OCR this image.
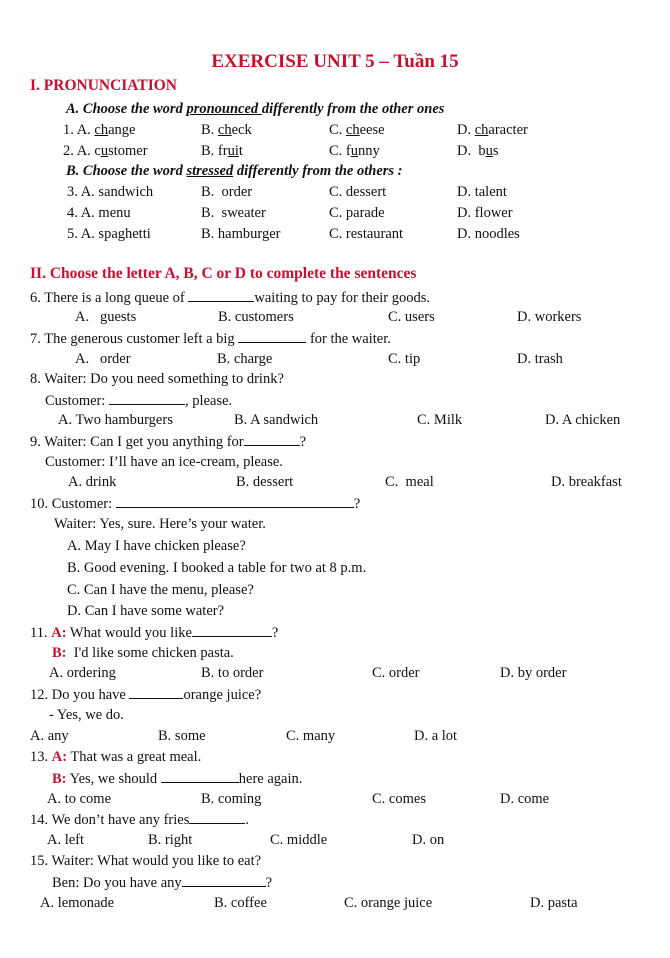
EXERCISE UNIT 5 – Tuần 15
I. PRONUNCIATION
A. Choose the word pronounced differently from the other ones
1. A. change	B. check	C. cheese	D. character
2. A. customer	B. fruit	C. funny	D.  bus
B. Choose the word stressed differently from the others :
3. A. sandwich	B.  order	C. dessert	D. talent
4. A. menu	B.  sweater	C. parade	D. flower
5. A. spaghetti	B. hamburger	C. restaurant	D. noodles
II. Choose the letter A, B, C or D to complete the sentences
6. There is a long queue of	waiting to pay for their goods.
A.   guests	B. customers	C. users	D. workers
7. The generous customer left a big	for the waiter.
A.   order	B. charge	C. tip	D. trash
8. Waiter: Do you need something to drink?
Customer:	, please.
A. Two hamburgers	B. A sandwich	C. Milk	D. A chicken
9. Waiter: Can I get you anything for	?
Customer: I’ll have an ice-cream, please.
A. drink	B. dessert	C.  meal	D. breakfast
10. Customer:	?
Waiter: Yes, sure. Here’s your water.
A. May I have chicken please?
B. Good evening. I booked a table for two at 8 p.m.
C. Can I have the menu, please?
D. Can I have some water?
11. A: What would you like	?
B:  I'd like some chicken pasta.
A. ordering	B. to order	C. order	D. by order
12. Do you have	orange juice?
- Yes, we do.
A. any	B. some	C. many	D. a lot
13. A: That was a great meal.
B: Yes, we should	here again.
A. to come	B. coming	C. comes	D. come
14. We don’t have any fries	.
A. left	B. right	C. middle	D. on
15. Waiter: What would you like to eat?
Ben: Do you have any	?
A. lemonade	B. coffee	C. orange juice	D. pasta
